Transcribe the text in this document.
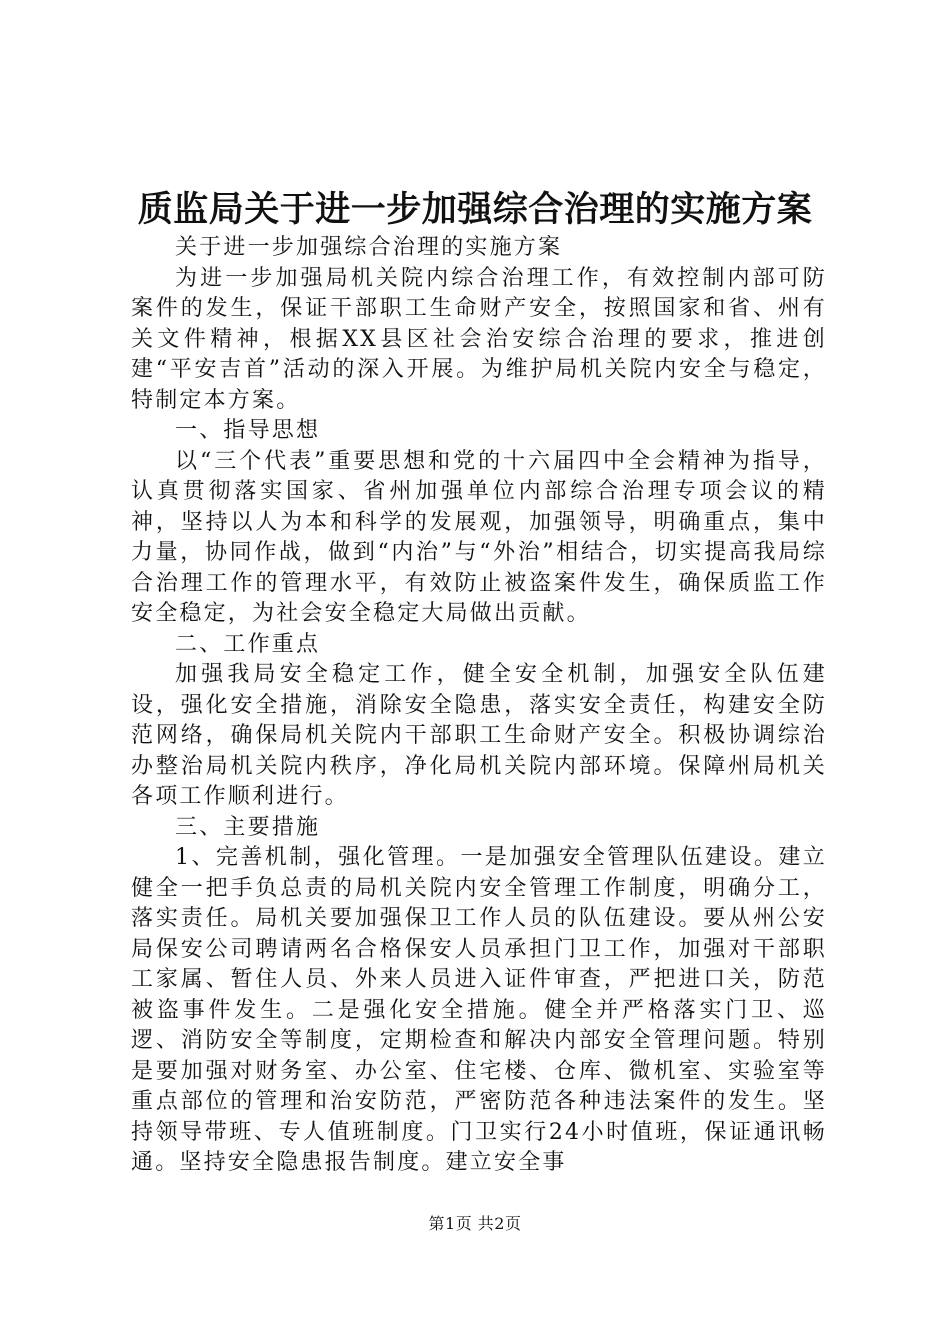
质监局关于进一步加强综合治理的实施方案

关于进一步加强综合治理的实施方案

为进一步加强局机关院内综合治理工作，有效控制内部可防案件的发生，保证干部职工生命财产安全，按照国家和省、州有关文件精神，根据XX县区社会治安综合治理的要求，推进创建“平安吉首”活动的深入开展。为维护局机关院内安全与稳定，特制定本方案。

一、指导思想

以“三个代表”重要思想和党的十六届四中全会精神为指导，认真贯彻落实国家、省州加强单位内部综合治理专项会议的精神，坚持以人为本和科学的发展观，加强领导，明确重点，集中力量，协同作战，做到“内治”与“外治”相结合，切实提高我局综合治理工作的管理水平，有效防止被盗案件发生，确保质监工作安全稳定，为社会安全稳定大局做出贡献。

二、工作重点

加强我局安全稳定工作，健全安全机制，加强安全队伍建设，强化安全措施，消除安全隐患，落实安全责任，构建安全防范网络，确保局机关院内干部职工生命财产安全。积极协调综治办整治局机关院内秩序，净化局机关院内部环境。保障州局机关各项工作顺利进行。

三、主要措施

1、完善机制，强化管理。一是加强安全管理队伍建设。建立健全一把手负总责的局机关院内安全管理工作制度，明确分工，落实责任。局机关要加强保卫工作人员的队伍建设。要从州公安局保安公司聘请两名合格保安人员承担门卫工作，加强对干部职工家属、暂住人员、外来人员进入证件审查，严把进口关，防范被盗事件发生。二是强化安全措施。健全并严格落实门卫、巡逻、消防安全等制度，定期检查和解决内部安全管理问题。特别是要加强对财务室、办公室、住宅楼、仓库、微机室、实验室等重点部位的管理和治安防范，严密防范各种违法案件的发生。坚持领导带班、专人值班制度。门卫实行24小时值班，保证通讯畅通。坚持安全隐患报告制度。建立安全事

第1页 共2页
